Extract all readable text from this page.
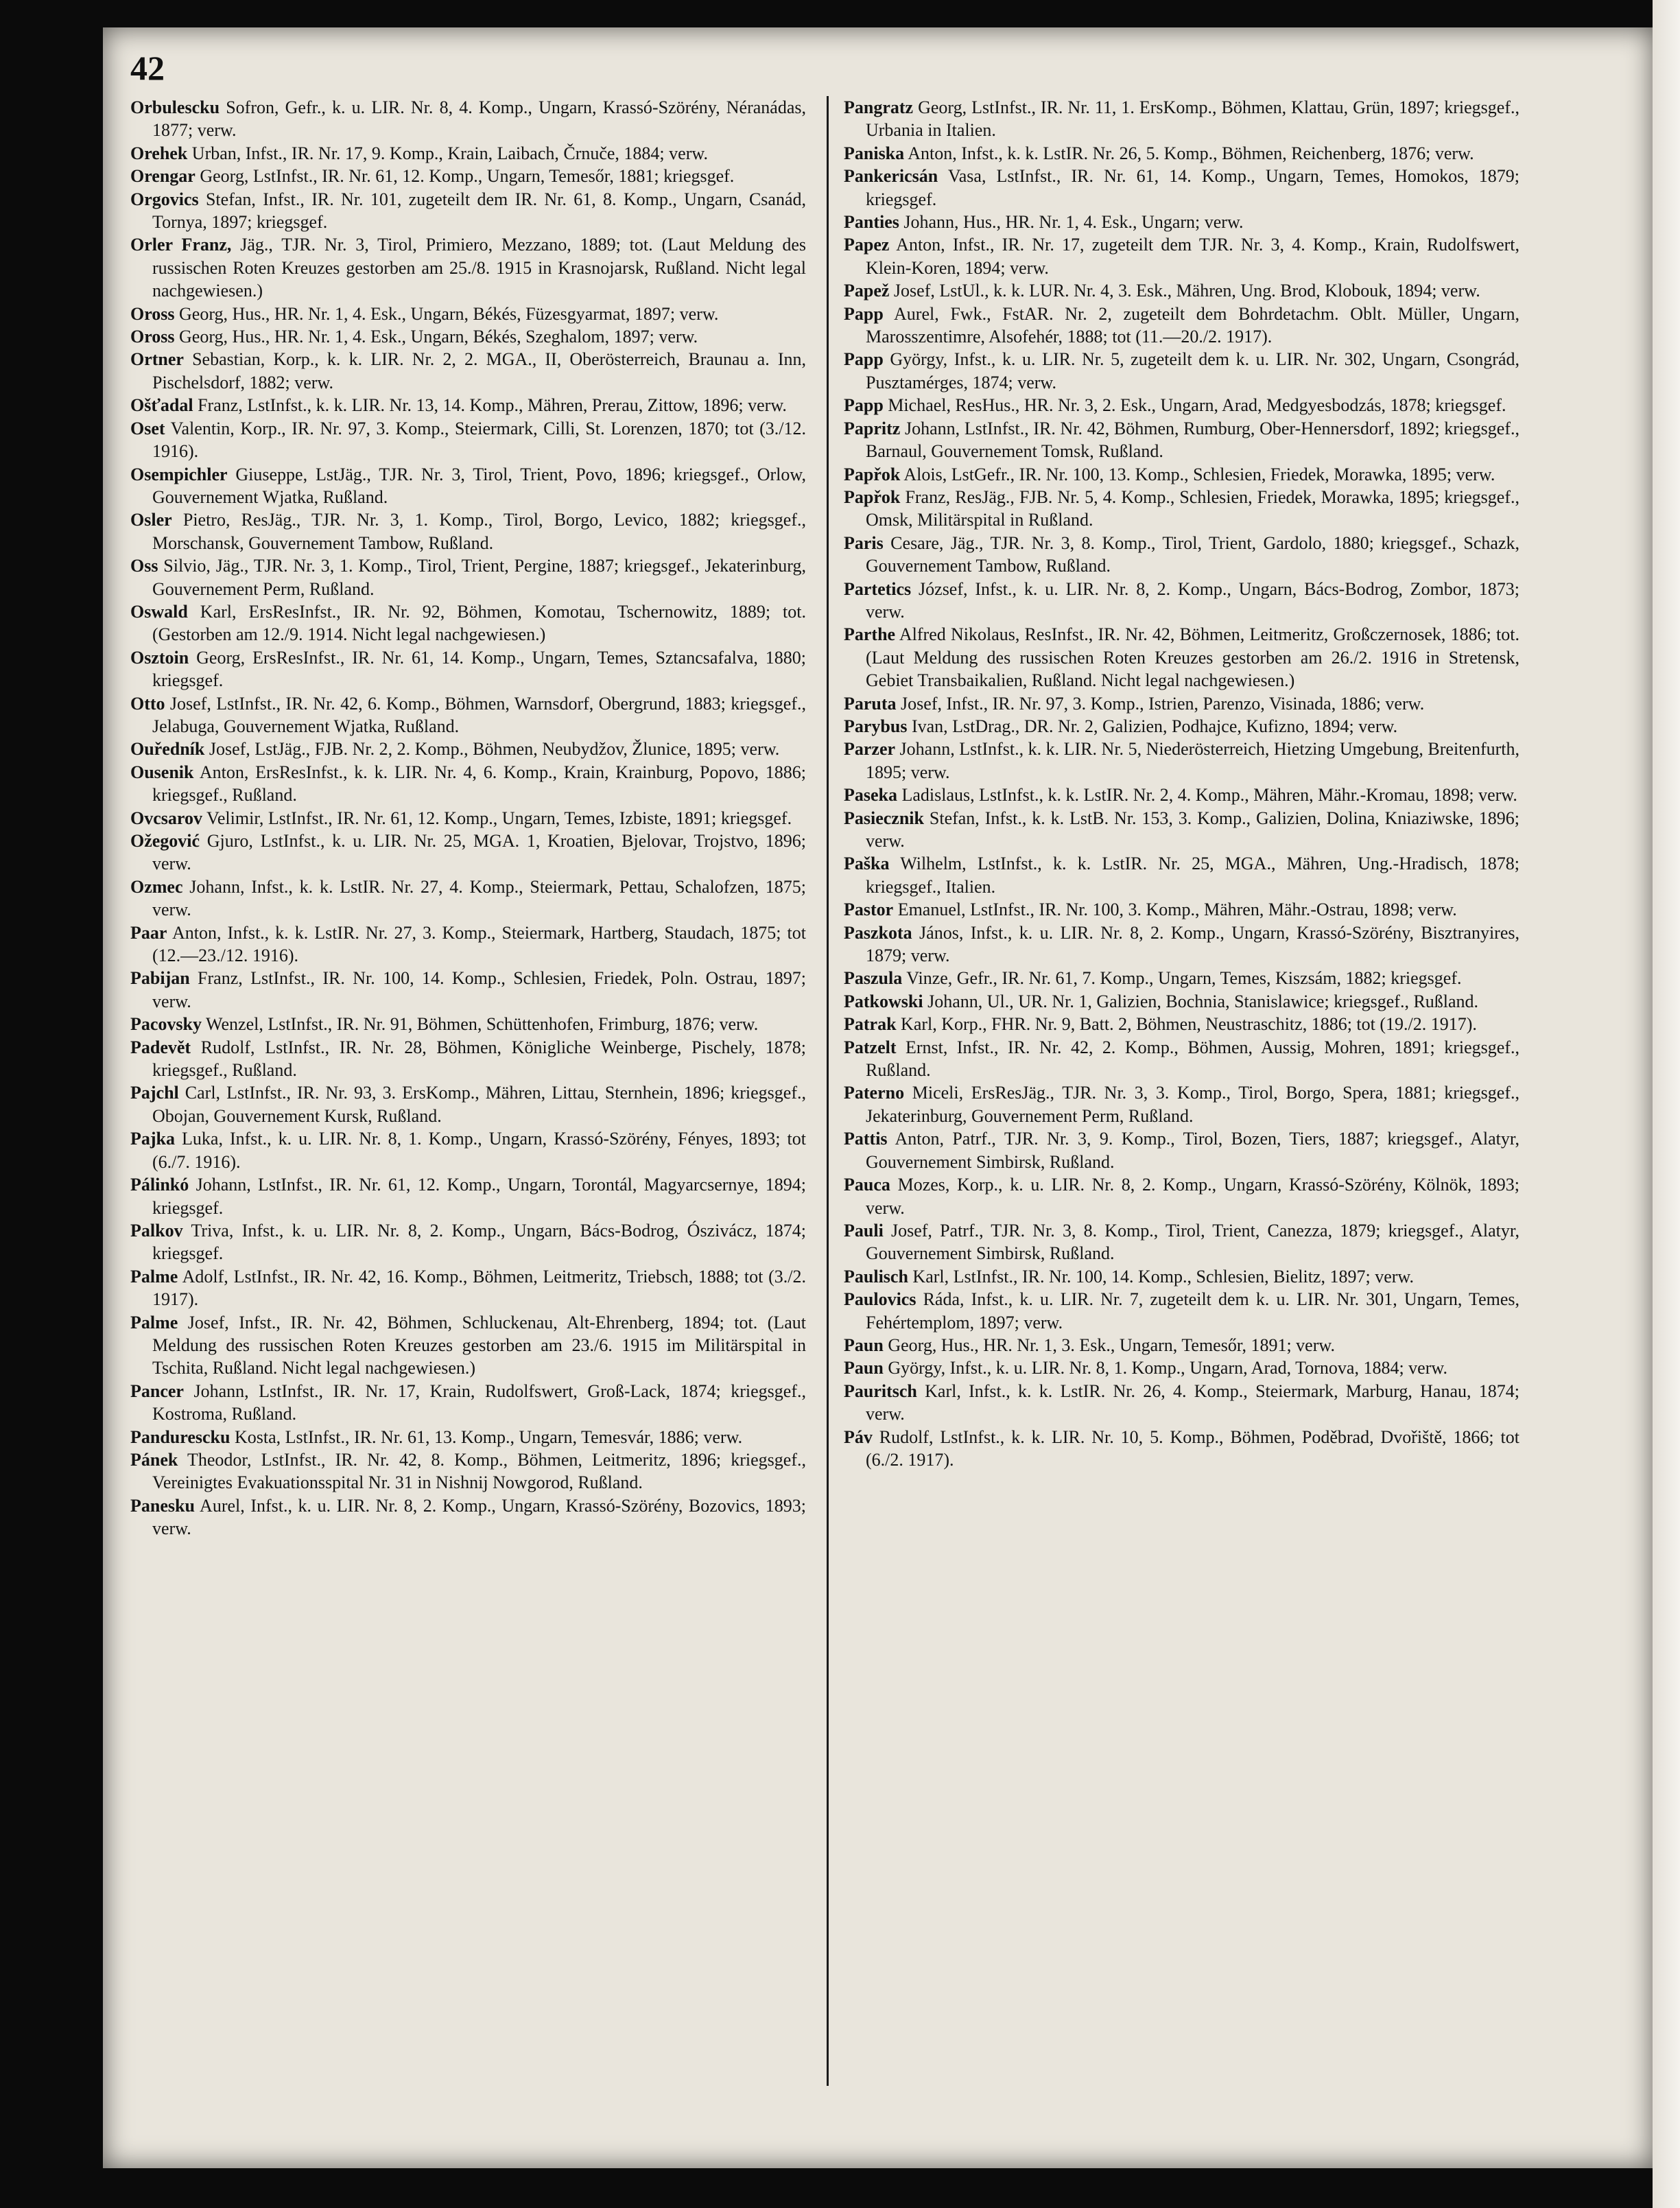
42

Orbulescku Sofron, Gefr., k. u. LIR. Nr. 8, 4. Komp., Ungarn, Krassó-Szörény, Néranádas, 1877; verw.

Orehek Urban, Infst., IR. Nr. 17, 9. Komp., Krain, Laibach, Črnuče, 1884; verw.

Orengar Georg, LstInfst., IR. Nr. 61, 12. Komp., Ungarn, Temesőr, 1881; kriegsgef.

Orgovics Stefan, Infst., IR. Nr. 101, zugeteilt dem IR. Nr. 61, 8. Komp., Ungarn, Csanád, Tornya, 1897; kriegsgef.

Orler Franz, Jäg., TJR. Nr. 3, Tirol, Primiero, Mezzano, 1889; tot. (Laut Meldung des russischen Roten Kreuzes gestorben am 25./8. 1915 in Krasnojarsk, Rußland. Nicht legal nachgewiesen.)

Oross Georg, Hus., HR. Nr. 1, 4. Esk., Ungarn, Békés, Füzesgyarmat, 1897; verw.

Oross Georg, Hus., HR. Nr. 1, 4. Esk., Ungarn, Békés, Szeghalom, 1897; verw.

Ortner Sebastian, Korp., k. k. LIR. Nr. 2, 2. MGA., II, Oberösterreich, Braunau a. Inn, Pischelsdorf, 1882; verw.

Ošťadal Franz, LstInfst., k. k. LIR. Nr. 13, 14. Komp., Mähren, Prerau, Zittow, 1896; verw.

Oset Valentin, Korp., IR. Nr. 97, 3. Komp., Steiermark, Cilli, St. Lorenzen, 1870; tot (3./12. 1916).

Osempichler Giuseppe, LstJäg., TJR. Nr. 3, Tirol, Trient, Povo, 1896; kriegsgef., Orlow, Gouvernement Wjatka, Rußland.

Osler Pietro, ResJäg., TJR. Nr. 3, 1. Komp., Tirol, Borgo, Levico, 1882; kriegsgef., Morschansk, Gouvernement Tambow, Rußland.

Oss Silvio, Jäg., TJR. Nr. 3, 1. Komp., Tirol, Trient, Pergine, 1887; kriegsgef., Jekaterinburg, Gouvernement Perm, Rußland.

Oswald Karl, ErsResInfst., IR. Nr. 92, Böhmen, Komotau, Tschernowitz, 1889; tot. (Gestorben am 12./9. 1914. Nicht legal nachgewiesen.)

Osztoin Georg, ErsResInfst., IR. Nr. 61, 14. Komp., Ungarn, Temes, Sztancsafalva, 1880; kriegsgef.

Otto Josef, LstInfst., IR. Nr. 42, 6. Komp., Böhmen, Warnsdorf, Obergrund, 1883; kriegsgef., Jelabuga, Gouvernement Wjatka, Rußland.

Ouředník Josef, LstJäg., FJB. Nr. 2, 2. Komp., Böhmen, Neubydžov, Žlunice, 1895; verw.

Ousenik Anton, ErsResInfst., k. k. LIR. Nr. 4, 6. Komp., Krain, Krainburg, Popovo, 1886; kriegsgef., Rußland.

Ovcsarov Velimir, LstInfst., IR. Nr. 61, 12. Komp., Ungarn, Temes, Izbiste, 1891; kriegsgef.

Ožegović Gjuro, LstInfst., k. u. LIR. Nr. 25, MGA. 1, Kroatien, Bjelovar, Trojstvo, 1896; verw.

Ozmec Johann, Infst., k. k. LstIR. Nr. 27, 4. Komp., Steiermark, Pettau, Schalofzen, 1875; verw.

Paar Anton, Infst., k. k. LstIR. Nr. 27, 3. Komp., Steiermark, Hartberg, Staudach, 1875; tot (12.—23./12. 1916).

Pabijan Franz, LstInfst., IR. Nr. 100, 14. Komp., Schlesien, Friedek, Poln. Ostrau, 1897; verw.

Pacovsky Wenzel, LstInfst., IR. Nr. 91, Böhmen, Schüttenhofen, Frimburg, 1876; verw.

Padevět Rudolf, LstInfst., IR. Nr. 28, Böhmen, Königliche Weinberge, Pischely, 1878; kriegsgef., Rußland.

Pajchl Carl, LstInfst., IR. Nr. 93, 3. ErsKomp., Mähren, Littau, Sternhein, 1896; kriegsgef., Obojan, Gouvernement Kursk, Rußland.

Pajka Luka, Infst., k. u. LIR. Nr. 8, 1. Komp., Ungarn, Krassó-Szörény, Fényes, 1893; tot (6./7. 1916).

Pálinkó Johann, LstInfst., IR. Nr. 61, 12. Komp., Ungarn, Torontál, Magyarcsernye, 1894; kriegsgef.

Palkov Triva, Infst., k. u. LIR. Nr. 8, 2. Komp., Ungarn, Bács-Bodrog, Ószivácz, 1874; kriegsgef.

Palme Adolf, LstInfst., IR. Nr. 42, 16. Komp., Böhmen, Leitmeritz, Triebsch, 1888; tot (3./2. 1917).

Palme Josef, Infst., IR. Nr. 42, Böhmen, Schluckenau, Alt-Ehrenberg, 1894; tot. (Laut Meldung des russischen Roten Kreuzes gestorben am 23./6. 1915 im Militärspital in Tschita, Rußland. Nicht legal nachgewiesen.)

Pancer Johann, LstInfst., IR. Nr. 17, Krain, Rudolfswert, Groß-Lack, 1874; kriegsgef., Kostroma, Rußland.

Pandurescku Kosta, LstInfst., IR. Nr. 61, 13. Komp., Ungarn, Temesvár, 1886; verw.

Pánek Theodor, LstInfst., IR. Nr. 42, 8. Komp., Böhmen, Leitmeritz, 1896; kriegsgef., Vereinigtes Evakuationsspital Nr. 31 in Nishnij Nowgorod, Rußland.

Panesku Aurel, Infst., k. u. LIR. Nr. 8, 2. Komp., Ungarn, Krassó-Szörény, Bozovics, 1893; verw.

Pangratz Georg, LstInfst., IR. Nr. 11, 1. ErsKomp., Böhmen, Klattau, Grün, 1897; kriegsgef., Urbania in Italien.

Paniska Anton, Infst., k. k. LstIR. Nr. 26, 5. Komp., Böhmen, Reichenberg, 1876; verw.

Pankericsán Vasa, LstInfst., IR. Nr. 61, 14. Komp., Ungarn, Temes, Homokos, 1879; kriegsgef.

Panties Johann, Hus., HR. Nr. 1, 4. Esk., Ungarn; verw.

Papez Anton, Infst., IR. Nr. 17, zugeteilt dem TJR. Nr. 3, 4. Komp., Krain, Rudolfswert, Klein-Koren, 1894; verw.

Papež Josef, LstUl., k. k. LUR. Nr. 4, 3. Esk., Mähren, Ung. Brod, Klobouk, 1894; verw.

Papp Aurel, Fwk., FstAR. Nr. 2, zugeteilt dem Bohrdetachm. Oblt. Müller, Ungarn, Marosszentimre, Alsofehér, 1888; tot (11.—20./2. 1917).

Papp György, Infst., k. u. LIR. Nr. 5, zugeteilt dem k. u. LIR. Nr. 302, Ungarn, Csongrád, Pusztamérges, 1874; verw.

Papp Michael, ResHus., HR. Nr. 3, 2. Esk., Ungarn, Arad, Medgyesbodzás, 1878; kriegsgef.

Papritz Johann, LstInfst., IR. Nr. 42, Böhmen, Rumburg, Ober-Hennersdorf, 1892; kriegsgef., Barnaul, Gouvernement Tomsk, Rußland.

Papřok Alois, LstGefr., IR. Nr. 100, 13. Komp., Schlesien, Friedek, Morawka, 1895; verw.

Papřok Franz, ResJäg., FJB. Nr. 5, 4. Komp., Schlesien, Friedek, Morawka, 1895; kriegsgef., Omsk, Militärspital in Rußland.

Paris Cesare, Jäg., TJR. Nr. 3, 8. Komp., Tirol, Trient, Gardolo, 1880; kriegsgef., Schazk, Gouvernement Tambow, Rußland.

Partetics József, Infst., k. u. LIR. Nr. 8, 2. Komp., Ungarn, Bács-Bodrog, Zombor, 1873; verw.

Parthe Alfred Nikolaus, ResInfst., IR. Nr. 42, Böhmen, Leitmeritz, Großczernosek, 1886; tot. (Laut Meldung des russischen Roten Kreuzes gestorben am 26./2. 1916 in Stretensk, Gebiet Transbaikalien, Rußland. Nicht legal nachgewiesen.)

Paruta Josef, Infst., IR. Nr. 97, 3. Komp., Istrien, Parenzo, Visinada, 1886; verw.

Parybus Ivan, LstDrag., DR. Nr. 2, Galizien, Podhajce, Kufizno, 1894; verw.

Parzer Johann, LstInfst., k. k. LIR. Nr. 5, Niederösterreich, Hietzing Umgebung, Breitenfurth, 1895; verw.

Paseka Ladislaus, LstInfst., k. k. LstIR. Nr. 2, 4. Komp., Mähren, Mähr.-Kromau, 1898; verw.

Pasiecznik Stefan, Infst., k. k. LstB. Nr. 153, 3. Komp., Galizien, Dolina, Kniaziwske, 1896; verw.

Paška Wilhelm, LstInfst., k. k. LstIR. Nr. 25, MGA., Mähren, Ung.-Hradisch, 1878; kriegsgef., Italien.

Pastor Emanuel, LstInfst., IR. Nr. 100, 3. Komp., Mähren, Mähr.-Ostrau, 1898; verw.

Paszkota János, Infst., k. u. LIR. Nr. 8, 2. Komp., Ungarn, Krassó-Szörény, Bisztranyires, 1879; verw.

Paszula Vinze, Gefr., IR. Nr. 61, 7. Komp., Ungarn, Temes, Kiszsám, 1882; kriegsgef.

Patkowski Johann, Ul., UR. Nr. 1, Galizien, Bochnia, Stanislawice; kriegsgef., Rußland.

Patrak Karl, Korp., FHR. Nr. 9, Batt. 2, Böhmen, Neustraschitz, 1886; tot (19./2. 1917).

Patzelt Ernst, Infst., IR. Nr. 42, 2. Komp., Böhmen, Aussig, Mohren, 1891; kriegsgef., Rußland.

Paterno Miceli, ErsResJäg., TJR. Nr. 3, 3. Komp., Tirol, Borgo, Spera, 1881; kriegsgef., Jekaterinburg, Gouvernement Perm, Rußland.

Pattis Anton, Patrf., TJR. Nr. 3, 9. Komp., Tirol, Bozen, Tiers, 1887; kriegsgef., Alatyr, Gouvernement Simbirsk, Rußland.

Pauca Mozes, Korp., k. u. LIR. Nr. 8, 2. Komp., Ungarn, Krassó-Szörény, Kölnök, 1893; verw.

Pauli Josef, Patrf., TJR. Nr. 3, 8. Komp., Tirol, Trient, Canezza, 1879; kriegsgef., Alatyr, Gouvernement Simbirsk, Rußland.

Paulisch Karl, LstInfst., IR. Nr. 100, 14. Komp., Schlesien, Bielitz, 1897; verw.

Paulovics Ráda, Infst., k. u. LIR. Nr. 7, zugeteilt dem k. u. LIR. Nr. 301, Ungarn, Temes, Fehértemplom, 1897; verw.

Paun Georg, Hus., HR. Nr. 1, 3. Esk., Ungarn, Temesőr, 1891; verw.

Paun György, Infst., k. u. LIR. Nr. 8, 1. Komp., Ungarn, Arad, Tornova, 1884; verw.

Pauritsch Karl, Infst., k. k. LstIR. Nr. 26, 4. Komp., Steiermark, Marburg, Hanau, 1874; verw.

Páv Rudolf, LstInfst., k. k. LIR. Nr. 10, 5. Komp., Böhmen, Poděbrad, Dvořiště, 1866; tot (6./2. 1917).
